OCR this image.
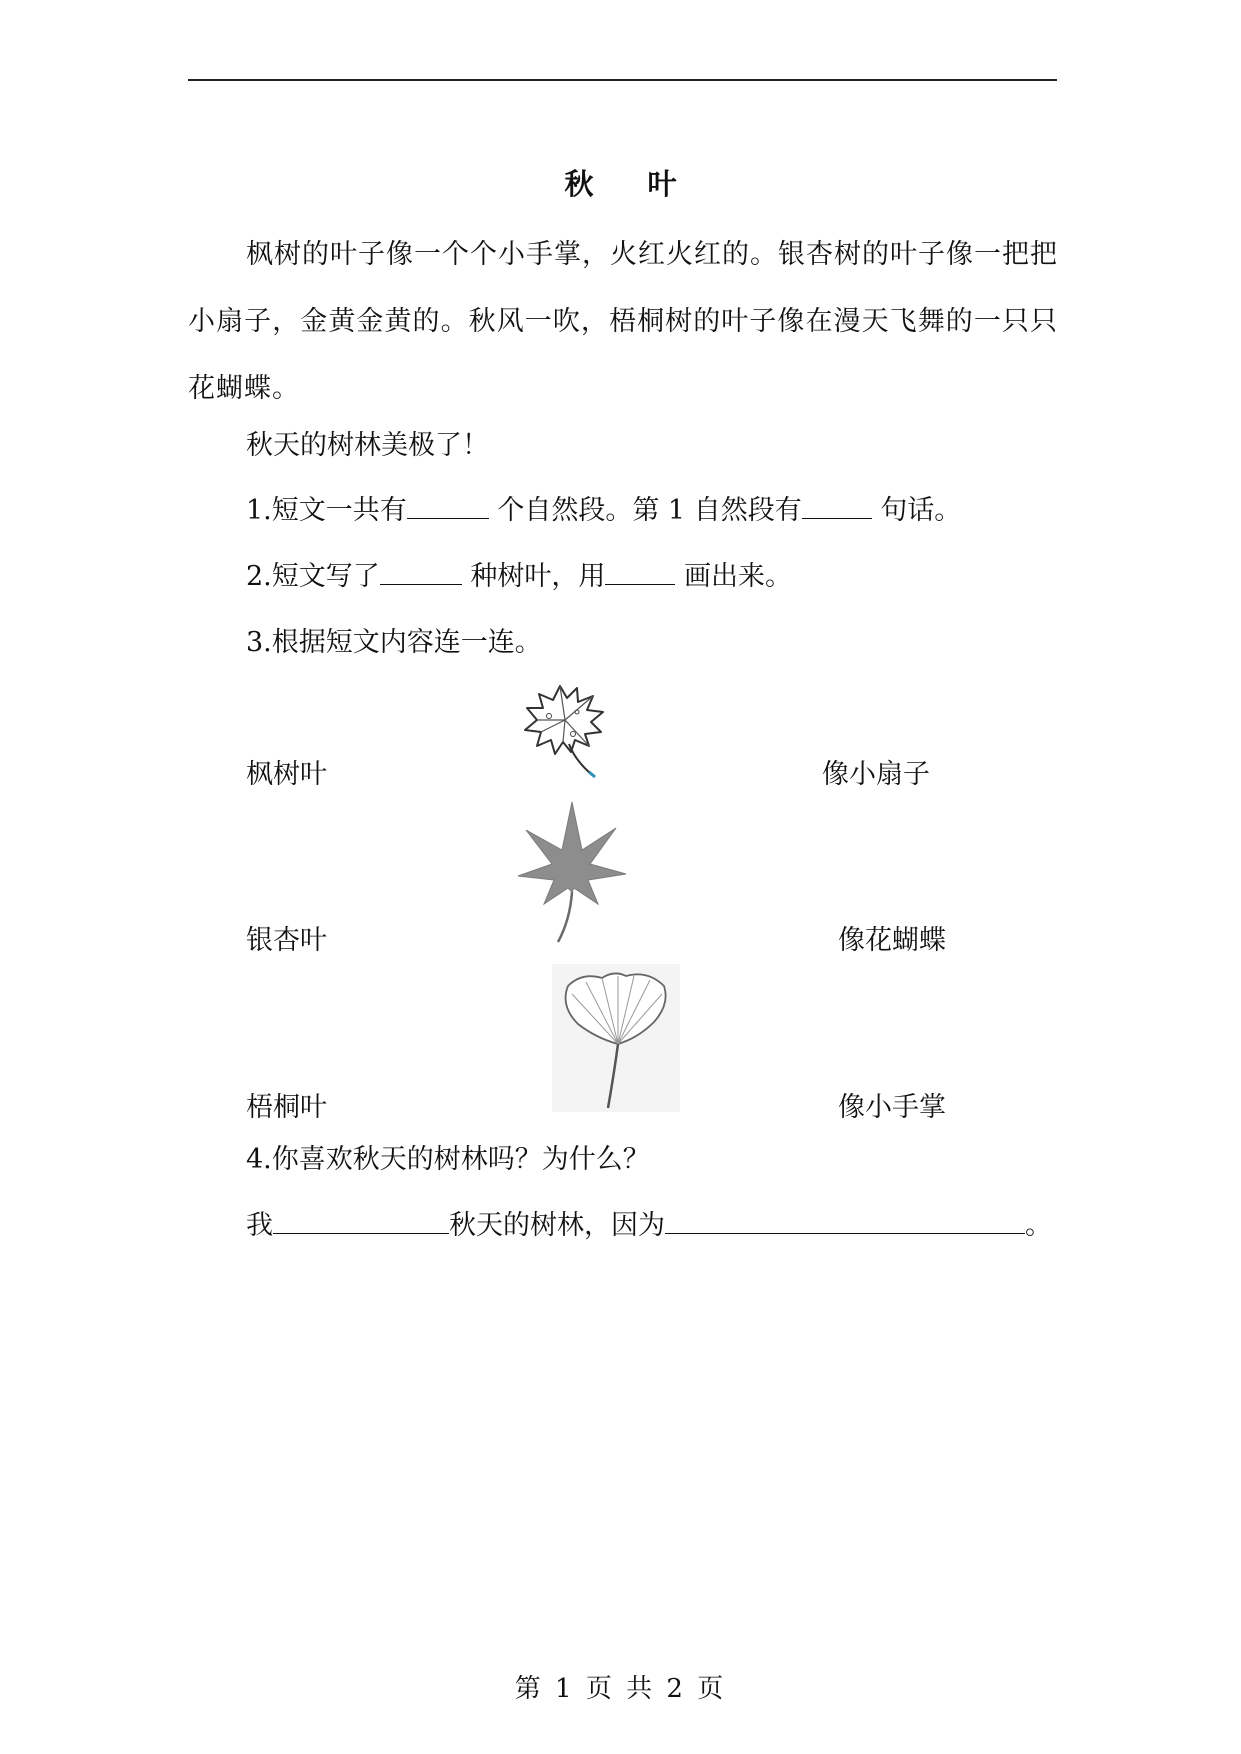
秋 叶
枫树的叶子像一个个小手掌，火红火红的。银杏树的叶子像一把把小扇子，金黄金黄的。秋风一吹，梧桐树的叶子像在漫天飞舞的一只只花蝴蝶。
秋天的树林美极了！
1.短文一共有	个自然段。第 1 自然段有	句话。
2.短文写了	种树叶，用	画出来。
3.根据短文内容连一连。
枫树叶
银杏叶
梧桐叶
像小扇子
像花蝴蝶
像小手掌
4.你喜欢秋天的树林吗？为什么？
我	秋天的树林，因为	。
第 1 页 共 2 页
